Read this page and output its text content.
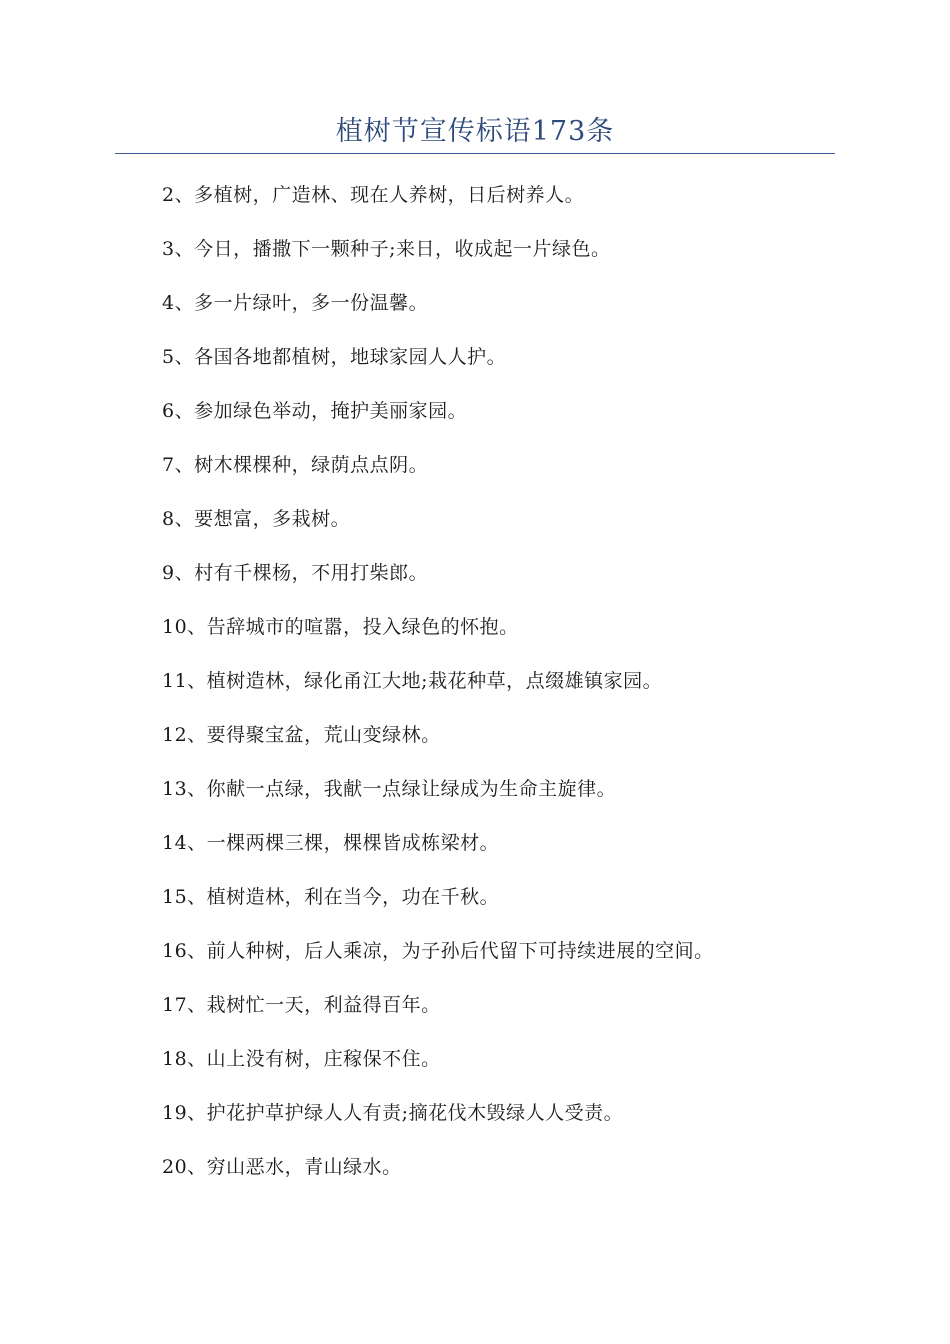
植树节宣传标语173条
2、多植树，广造林、现在人养树，日后树养人。
3、今日，播撒下一颗种子;来日，收成起一片绿色。
4、多一片绿叶，多一份温馨。
5、各国各地都植树，地球家园人人护。
6、参加绿色举动，掩护美丽家园。
7、树木棵棵种，绿荫点点阴。
8、要想富，多栽树。
9、村有千棵杨，不用打柴郎。
10、告辞城市的喧嚣，投入绿色的怀抱。
11、植树造林，绿化甬江大地;栽花种草，点缀雄镇家园。
12、要得聚宝盆，荒山变绿林。
13、你献一点绿，我献一点绿让绿成为生命主旋律。
14、一棵两棵三棵，棵棵皆成栋梁材。
15、植树造林，利在当今，功在千秋。
16、前人种树，后人乘凉，为子孙后代留下可持续进展的空间。
17、栽树忙一天，利益得百年。
18、山上没有树，庄稼保不住。
19、护花护草护绿人人有责;摘花伐木毁绿人人受责。
20、穷山恶水，青山绿水。
